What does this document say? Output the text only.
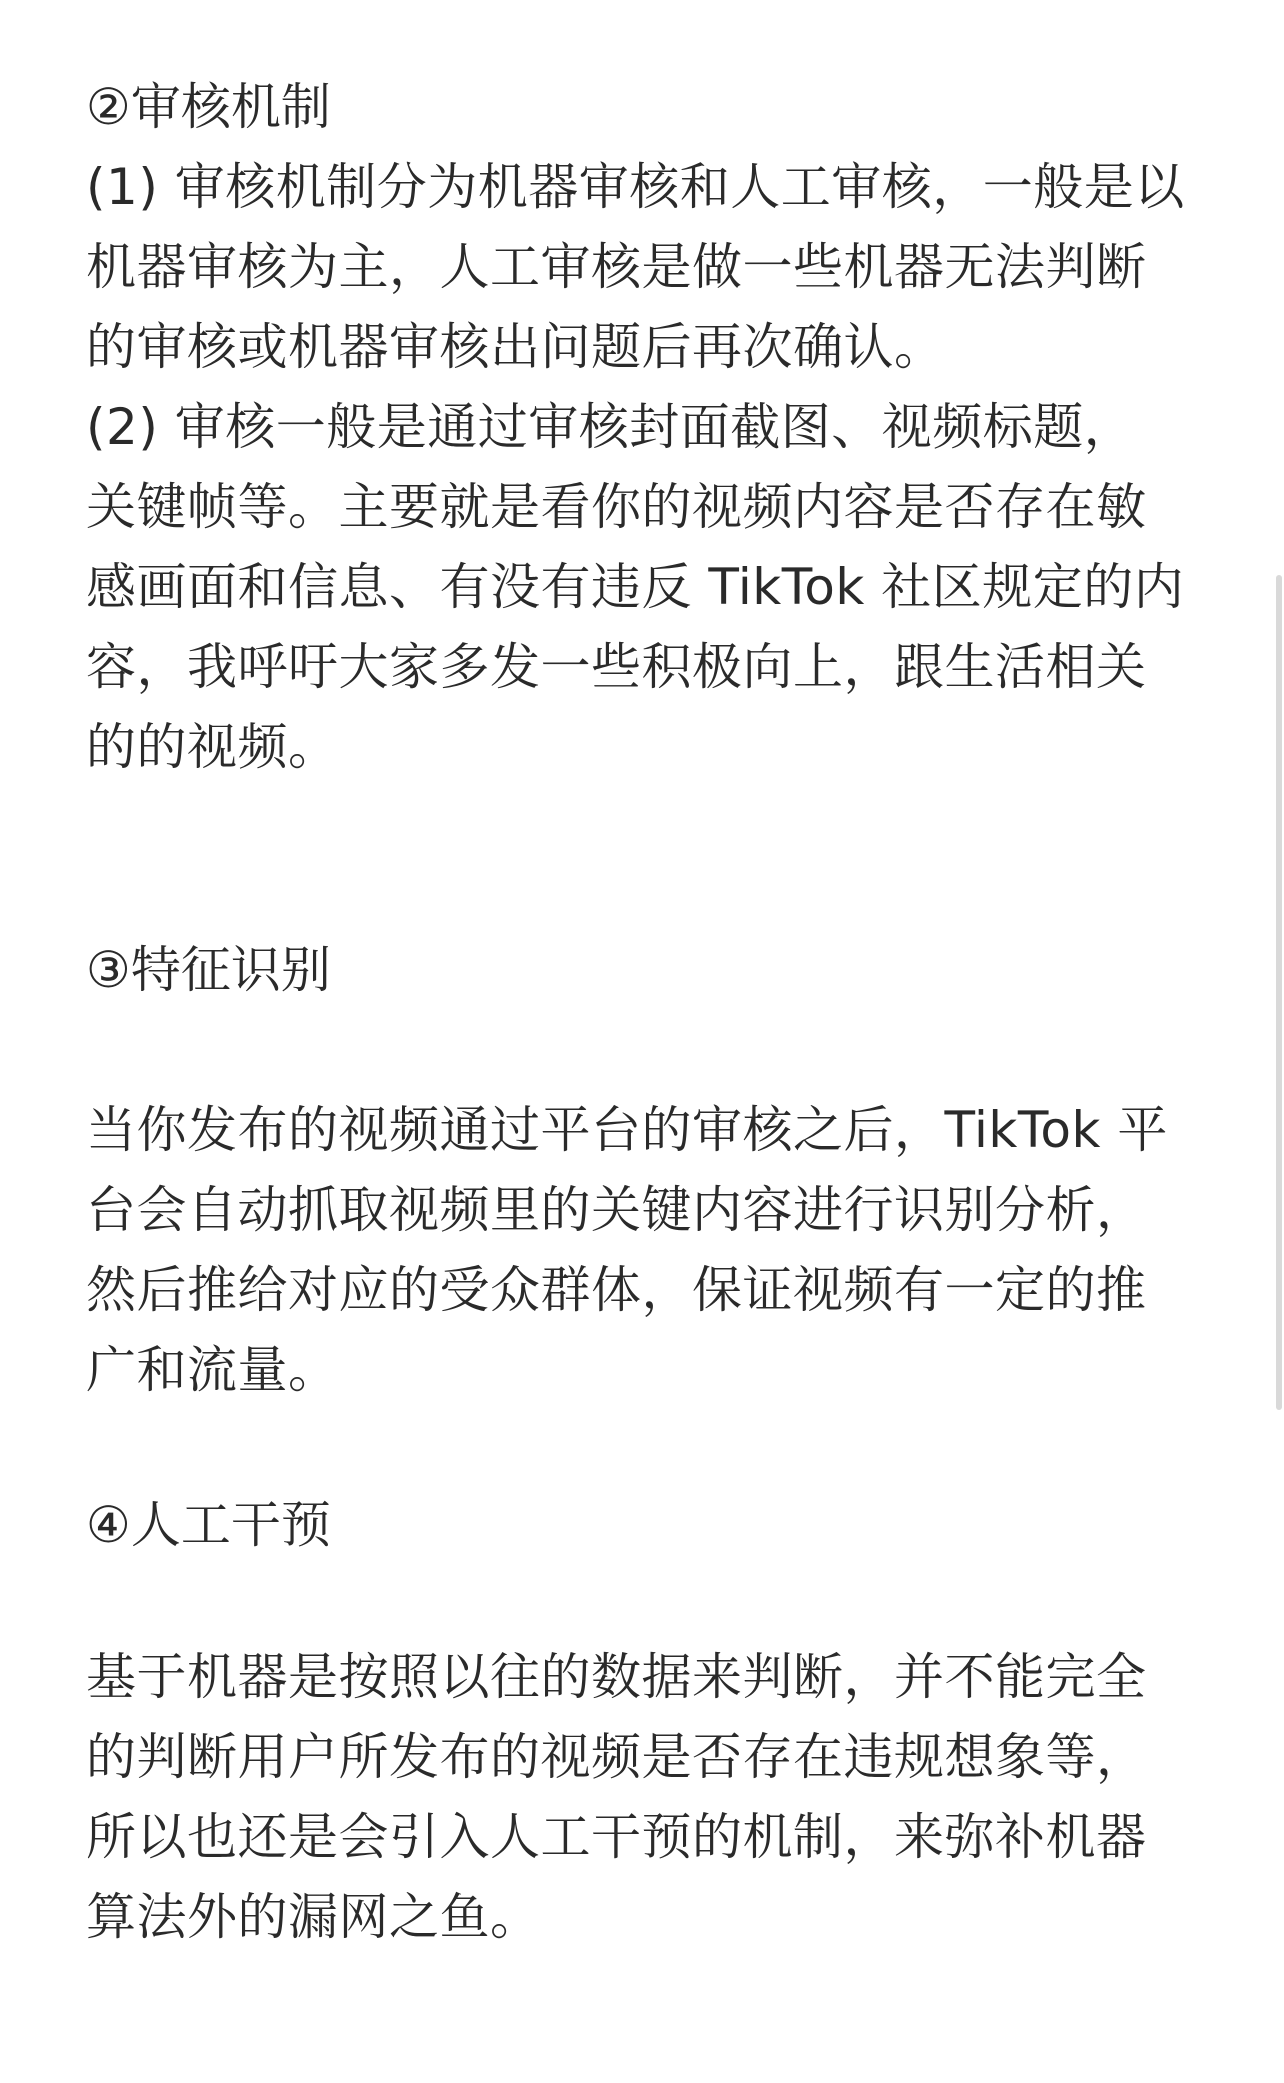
②审核机制
(1) 审核机制分为机器审核和人工审核，一般是以
机器审核为主，人工审核是做一些机器无法判断
的审核或机器审核出问题后再次确认。
(2) 审核一般是通过审核封面截图、视频标题，
关键帧等。主要就是看你的视频内容是否存在敏
感画面和信息、有没有违反 TikTok 社区规定的内
容，我呼吁大家多发一些积极向上，跟生活相关
的的视频。
③特征识别
当你发布的视频通过平台的审核之后，TikTok 平
台会自动抓取视频里的关键内容进行识别分析，
然后推给对应的受众群体，保证视频有一定的推
广和流量。
④人工干预
基于机器是按照以往的数据来判断，并不能完全
的判断用户所发布的视频是否存在违规想象等，
所以也还是会引入人工干预的机制，来弥补机器
算法外的漏网之鱼。
